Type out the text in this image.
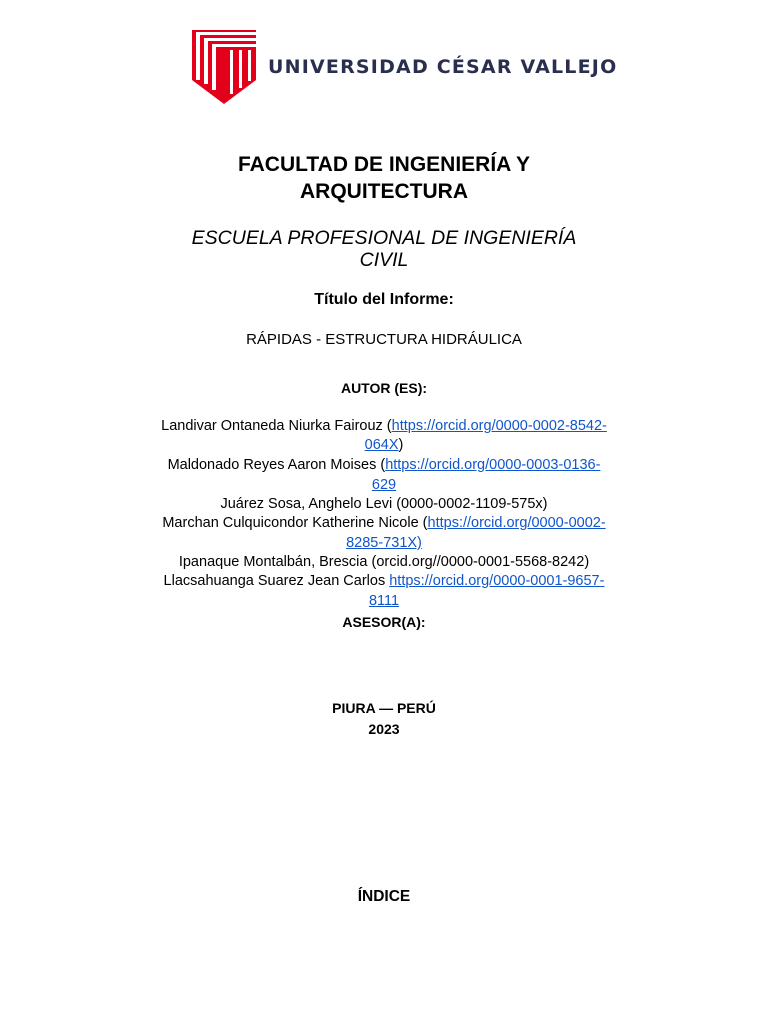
UNIVERSIDAD CÉSAR VALLEJO
FACULTAD DE INGENIERÍA Y
ARQUITECTURA
ESCUELA PROFESIONAL DE INGENIERÍA
CIVIL
Título del Informe:
RÁPIDAS - ESTRUCTURA HIDRÁULICA
AUTOR (ES):
Landivar Ontaneda Niurka Fairouz (https://orcid.org/0000-0002-8542-
064X)
Maldonado Reyes Aaron Moises (https://orcid.org/0000-0003-0136-
629
Juárez Sosa, Anghelo Levi (0000-0002-1109-575x)
Marchan Culquicondor Katherine Nicole (https://orcid.org/0000-0002-
8285-731X)
Ipanaque Montalbán, Brescia (orcid.org//0000-0001-5568-8242)
Llacsahuanga Suarez Jean Carlos https://orcid.org/0000-0001-9657-
8111
ASESOR(A):
PIURA — PERÚ
2023
ÍNDICE
